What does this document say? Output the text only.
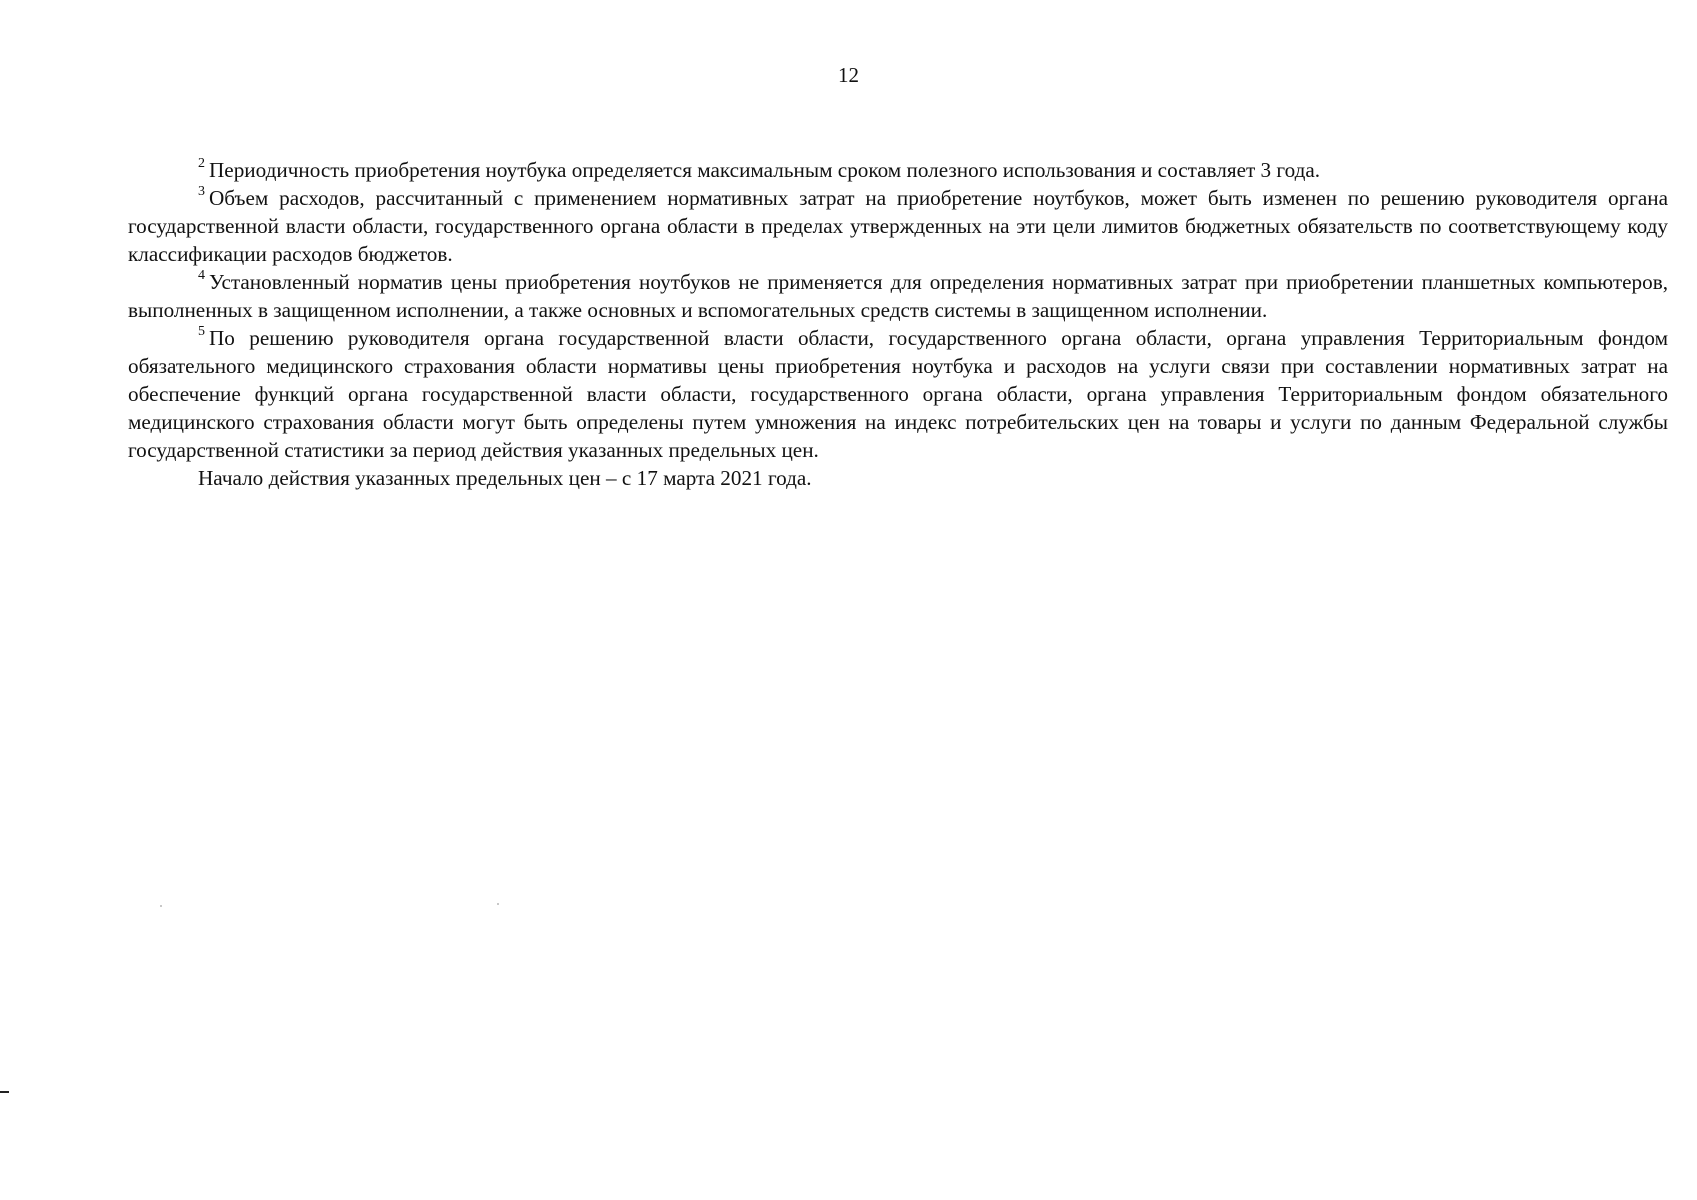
12

$^2$ Периодичность приобретения ноутбука определяется максимальным сроком полезного использования и составляет 3 года.

$^3$ Объем расходов, рассчитанный с применением нормативных затрат на приобретение ноутбуков, может быть изменен по решению руководителя органа государственной власти области, государственного органа области в пределах утвержденных на эти цели лимитов бюджетных обязательств по соответствующему коду классификации расходов бюджетов.

$^4$ Установленный норматив цены приобретения ноутбуков не применяется для определения нормативных затрат при приобретении планшетных компьютеров, выполненных в защищенном исполнении, а также основных и вспомогательных средств системы в защищенном исполнении.

$^5$ По решению руководителя органа государственной власти области, государственного органа области, органа управления Территориальным фондом обязательного медицинского страхования области нормативы цены приобретения ноутбука и расходов на услуги связи при составлении нормативных затрат на обеспечение функций органа государственной власти области, государственного органа области, органа управления Территориальным фондом обязательного медицинского страхования области могут быть определены путем умножения на индекс потребительских цен на товары и услуги по данным Федеральной службы государственной статистики за период действия указанных предельных цен.

Начало действия указанных предельных цен – с 17 марта 2021 года.
